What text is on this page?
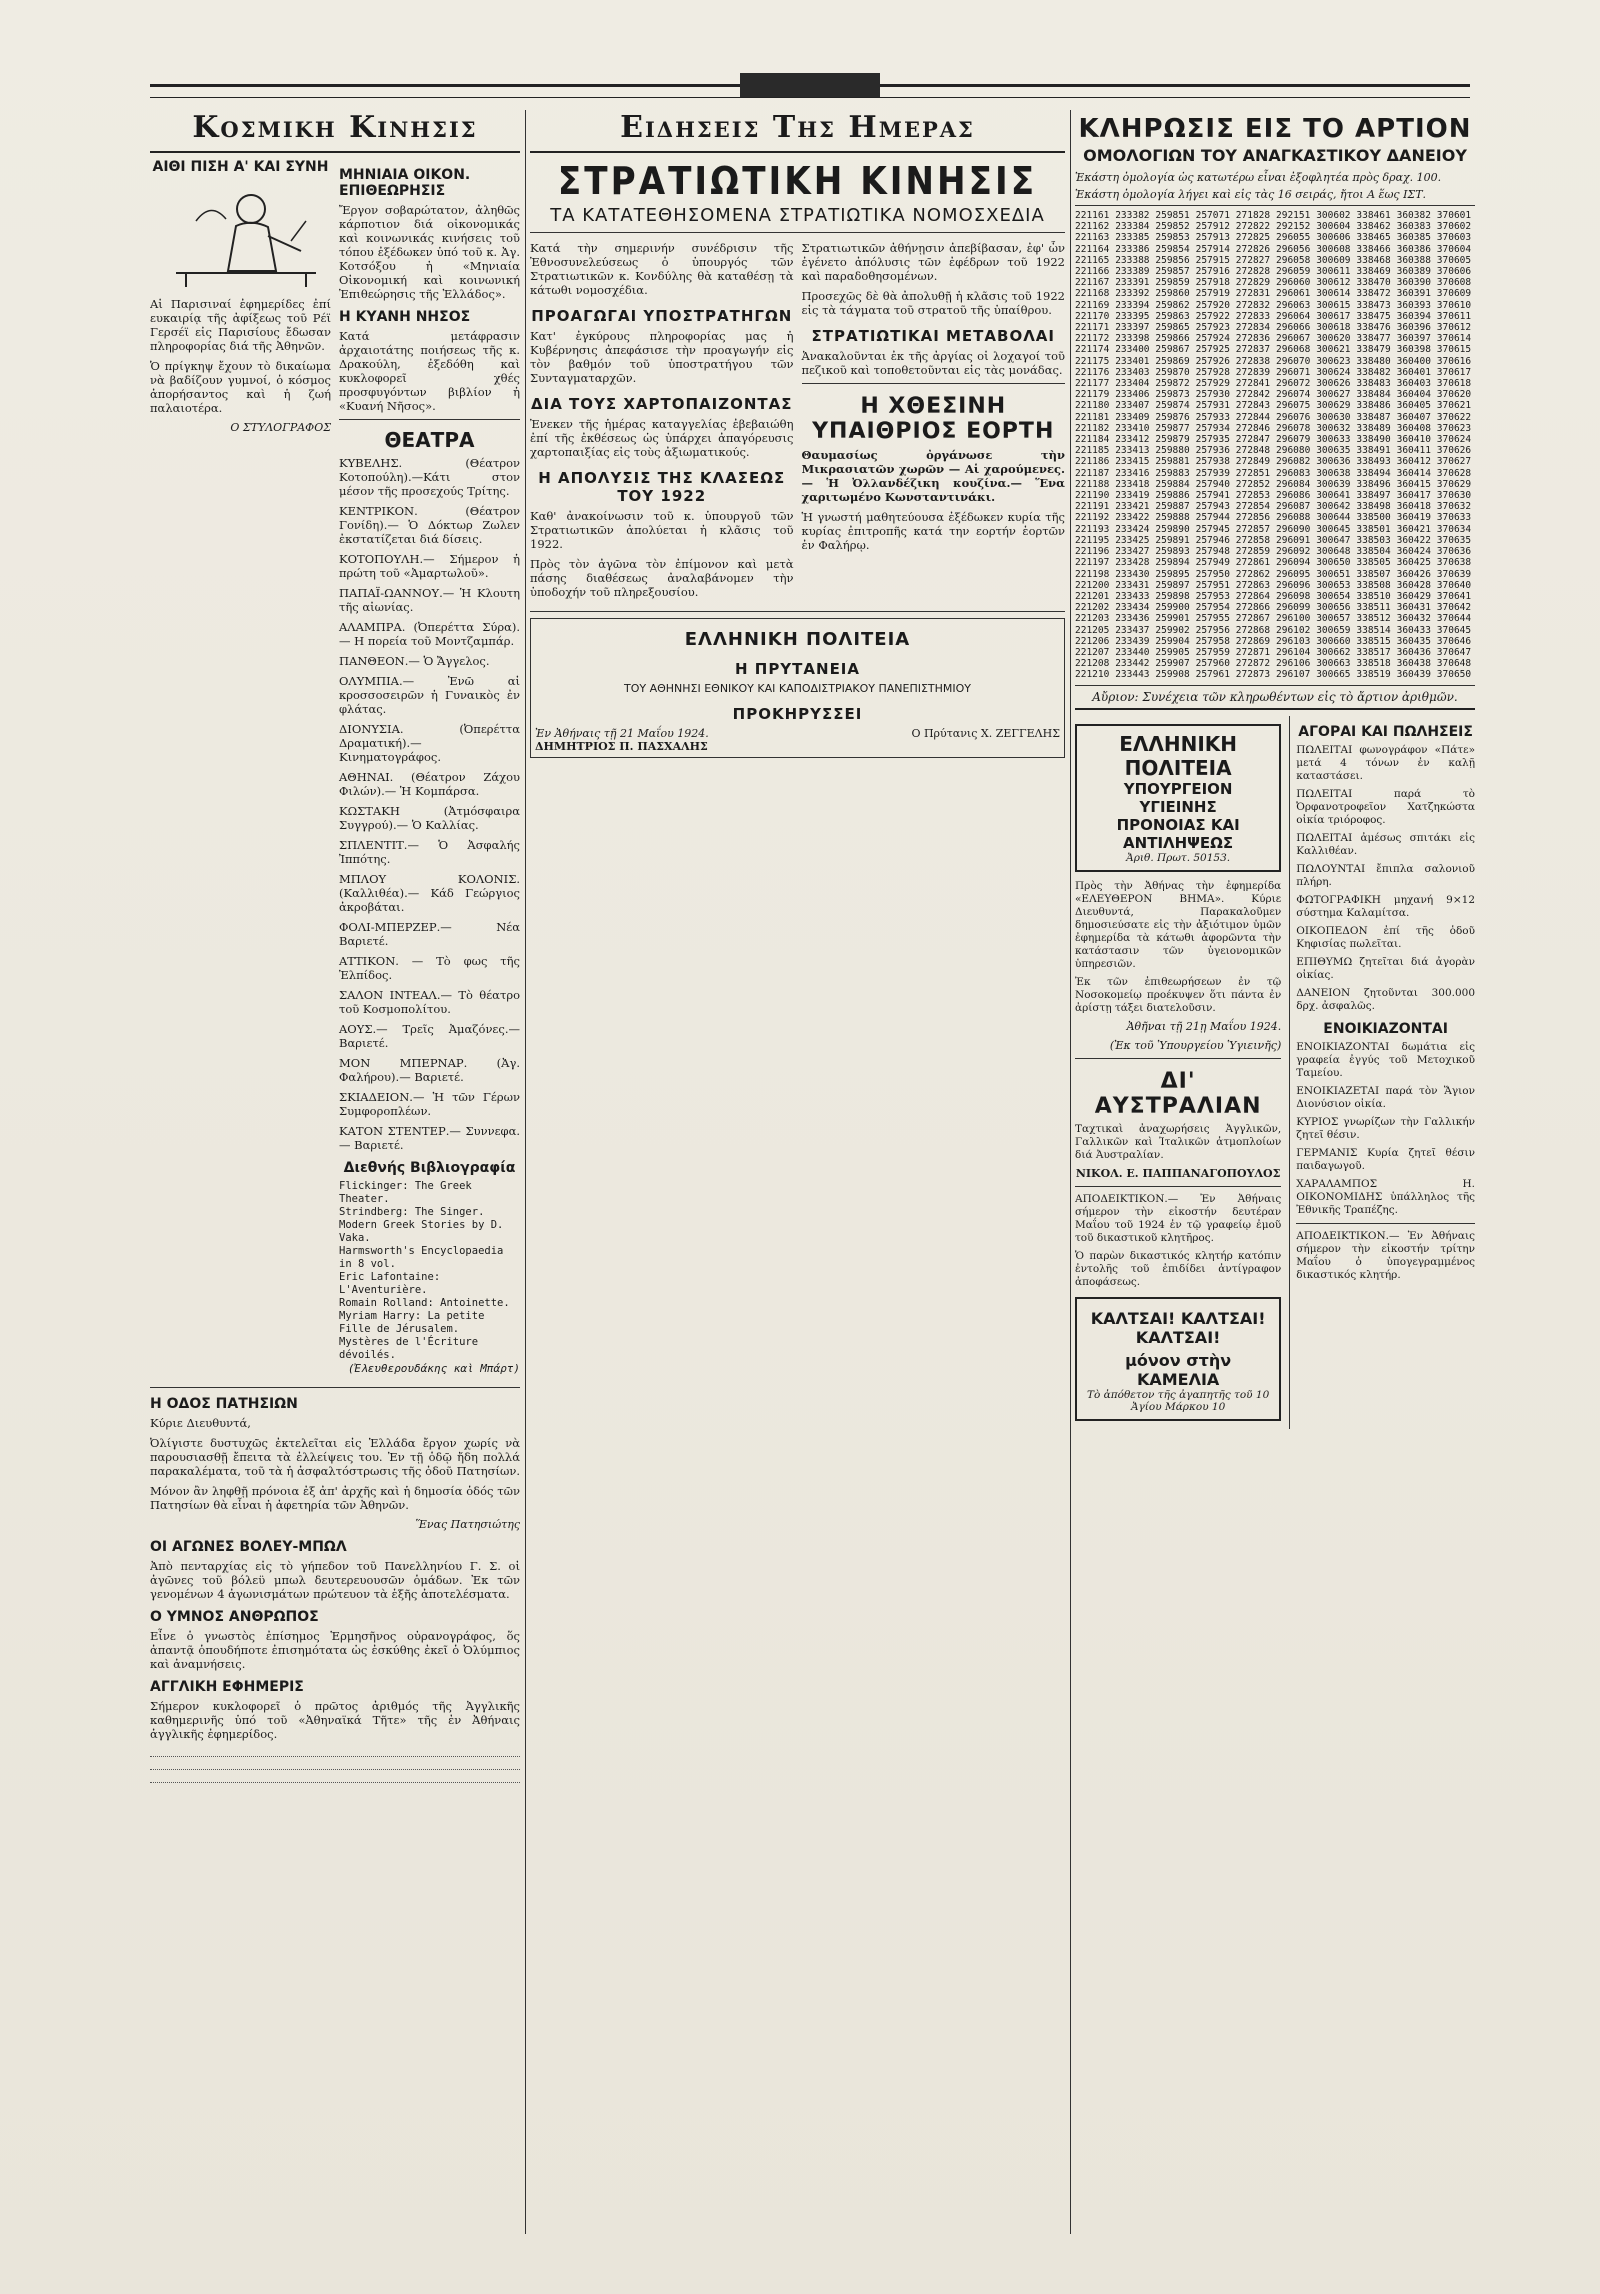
Κοσμικη Κινησις
ΑΙΘΙ ΠΙΣΗ Α' ΚΑΙ ΣΥΝΗ

Αἱ Παρισιναί ἐφημερίδες ἐπί ευκαιρίᾳ τῆς ἀφίξεως τοῦ Ρέϊ Γερσέϊ εἰς Παρισίους ἔδωσαν πληροφορίας διά τῆς Ἀθηνῶν.

Ὁ πρίγκηψ ἔχουν τὸ δικαίωμα νὰ βαδίζουν γυμνοί, ὁ κόσμος ἀπορήσαντος καὶ ἡ ζωή παλαιοτέρα.

Ο ΣΤΥΛΟΓΡΑΦΟΣ

ΜΗΝΙΑΙΑ ΟΙΚΟΝ. ΕΠΙΘΕΩΡΗΣΙΣ

Ἔργον σοβαρώτατον, ἀληθῶς κάρποτιον διά οἰκονομικάς καὶ κοινωνικάς κινήσεις τοῦ τόπου ἐξέδωκεν ὑπό τοῦ κ. Ἀγ. Κοτσόξου ἡ «Μηνιαία Οἰκονομική καὶ κοινωνική Ἐπιθεώρησις τῆς Ἑλλάδος».

Η ΚΥΑΝΗ ΝΗΣΟΣ

Κατά μετάφρασιν ἀρχαιοτάτης ποιήσεως τῆς κ. Δρακούλη, ἐξεδόθη καὶ κυκλοφορεῖ χθές προσφυγόντων βιβλίον ἡ «Κυανή Νῆσος».

ΘΕΑΤΡΑ

ΚΥΒΕΛΗΣ. (Θέατρον Κοτοπούλη).—Κάτι στον μέσον τῆς προσεχούς Τρίτης.

ΚΕΝΤΡΙΚΟΝ. (Θέατρον Γονίδη).— Ὁ Δόκτωρ Ζωλεν ἐκστατίζεται διά δίσεις.

ΚΟΤΟΠΟΥΛΗ.— Σήμερον ἡ πρώτη τοῦ «Ἀμαρτωλοῦ».

ΠΑΠΑΪ-ΩΑΝΝΟΥ.— Ἡ Κλουτη τῆς αἰωνίας.

ΑΛΑΜΠΡΑ. (Ὀπερέττα Σύρα).— Η πορεία τοῦ Μοντζαμπάρ.

ΠΑΝΘΕΟΝ.— Ὁ Ἄγγελος.

ΟΛΥΜΠΙΑ.— Ἐνῶ αἱ κροσσοσειρῶν ἡ Γυναικὸς ἐν φλάτας.

ΔΙΟΝΥΣΙΑ. (Ὀπερέττα Δραματική).— Κινηματογράφος.

ΑΘΗΝΑΙ. (Θέατρον Ζάχου Φιλών).— Ἡ Κομπάρσα.

ΚΩΣΤΑΚΗ (Ἀτμόσφαιρα Συγγρού).— Ὁ Καλλίας.

ΣΠΛΕΝΤΙΤ.— Ὁ Ἀσφαλής Ἰππότης.

ΜΠΛΟΥ ΚΟΛΟΝΙΣ. (Καλλιθέα).— Κάδ Γεώργιος ἀκροβάται.

ΦΟΛΙ-ΜΠΕΡΖΕΡ.— Νέα Βαριετέ.

ΑΤΤΙΚΟΝ. — Τὸ φως τῆς Ἐλπίδος.

ΣΑΛΟΝ ΙΝΤΕΑΛ.— Τὸ θέατρο τοῦ Κοσμοπολίτου.

ΑΟΥΣ.— Τρεῖς Ἀμαζόνες.—Βαριετέ.

ΜΟΝ ΜΠΕΡΝΑΡ. (Ἀγ. Φαλήρου).— Βαριετέ.

ΣΚΙΑΔΕΙΟΝ.— Ἡ τῶν Γέρων Συμφοροπλέων.

ΚΑΤΟΝ ΣΤΕΝΤΕΡ.— Συννεφα. — Βαριετέ.

Διεθνής Βιβλιογραφία
Flickinger: The Greek Theater.
Strindberg: The Singer.
Modern Greek Stories by D. Vaka.
Harmsworth's Encyclopaedia in 8 vol.
Eric Lafontaine: L'Aventurière.
Romain Rolland: Antoinette.
Myriam Harry: La petite Fille de Jérusalem.
Mystères de l'Écriture dévoilés.
(Ἐλευθερουδάκης καὶ Μπάρτ)
Η ΟΔΟΣ ΠΑΤΗΣΙΩΝ

Κύριε Διευθυντά,

Ὀλίγιστε δυστυχῶς ἐκτελεῖται εἰς Ἑλλάδα ἔργον χωρίς νὰ παρουσιασθῇ ἔπειτα τὰ ἐλλείψεις του. Ἐν τῇ ὁδῷ ἤδη πολλά παρακαλέματα, τοῦ τὰ ἡ ἀσφαλτόστρωσις τῆς ὁδοῦ Πατησίων.

Μόνον ἂν ληφθῇ πρόνοια ἐξ ἀπ' ἀρχῆς καὶ ἡ δημοσία ὁδός τῶν Πατησίων θὰ εἶναι ἡ ἀφετηρία τῶν Ἀθηνῶν.

Ἕνας Πατησιώτης

ΟΙ ΑΓΩΝΕΣ ΒΟΛΕΥ-ΜΠΩΛ

Ἀπὸ πενταρχίας εἰς τὸ γήπεδον τοῦ Πανελληνίου Γ. Σ. οἱ ἀγῶνες τοῦ βόλεϋ μπωλ δευτερευουσῶν ὁμάδων. Ἐκ τῶν γενομένων 4 ἀγωνισμάτων πρώτευον τὰ ἑξῆς ἀποτελέσματα.

Ο ΥΜΝΟΣ ΑΝΘΡΩΠΟΣ

Εἶνε ὁ γνωστὸς ἐπίσημος Ἑρμησῆνος οὐρανογράφος, ὅς ἀπαντᾷ ὁπουδήποτε ἐπισημότατα ὡς ἐσκύθης ἐκεῖ ὁ Ὀλύμπιος καὶ ἀναμνήσεις.

ΑΓΓΛΙΚΗ ΕΦΗΜΕΡΙΣ

Σήμερον κυκλοφορεῖ ὁ πρῶτος ἀριθμός τῆς Ἀγγλικῆς καθημερινῆς ὑπό τοῦ «Ἀθηναϊκά Τῆτε» τῆς ἐν Ἀθήναις ἀγγλικῆς ἐφημερίδος.

Ειδησεις Της Ημερας
ΣΤΡΑΤΙΩΤΙΚΗ ΚΙΝΗΣΙΣ
ΤΑ ΚΑΤΑΤΕΘΗΣΟΜΕΝΑ ΣΤΡΑΤΙΩΤΙΚΑ ΝΟΜΟΣΧΕΔΙΑ

Κατά τὴν σημερινήν συνέδρισιν τῆς Ἐθνοσυνελεύσεως ὁ ὑπουργός τῶν Στρατιωτικῶν κ. Κονδύλης θὰ καταθέσῃ τὰ κάτωθι νομοσχέδια.

ΠΡΟΑΓΩΓΑΙ ΥΠΟΣΤΡΑΤΗΓΩΝ

Κατ' ἐγκύρους πληροφορίας μας ἡ Κυβέρνησις ἀπεφάσισε τὴν προαγωγήν εἰς τὸν βαθμόν τοῦ ὑποστρατήγου τῶν Συνταγματαρχῶν.

ΔΙΑ ΤΟΥΣ ΧΑΡΤΟΠΑΙΖΟΝΤΑΣ

Ἐνεκεν τῆς ἡμέρας καταγγελίας ἐβεβαιώθη ἐπί τῆς ἐκθέσεως ὡς ὑπάρχει ἀπαγόρευσις χαρτοπαιξίας εἰς τοὺς ἀξιωματικούς.

Η ΑΠΟΛΥΣΙΣ ΤΗΣ ΚΛΑΣΕΩΣ ΤΟΥ 1922

Καθ' ἀνακοίνωσιν τοῦ κ. ὑπουργοῦ τῶν Στρατιωτικῶν ἀπολύεται ἡ κλᾶσις τοῦ 1922.

Πρὸς τὸν ἀγῶνα τὸν ἐπίμονον καὶ μετὰ πάσης διαθέσεως ἀναλαβάνομεν τὴν ὑποδοχήν τοῦ πληρεξουσίου.

Στρατιωτικῶν ἀθήνῃσιν ἀπεβίβασαν, ἐφ' ὧν ἐγένετο ἀπόλυσις τῶν ἐφέδρων τοῦ 1922 καὶ παραδοθησομένων.

Προσεχῶς δὲ θὰ ἀπολυθῇ ἡ κλᾶσις τοῦ 1922 εἰς τὰ τάγματα τοῦ στρατοῦ τῆς ὑπαίθρου.

ΣΤΡΑΤΙΩΤΙΚΑΙ ΜΕΤΑΒΟΛΑΙ

Ἀνακαλοῦνται ἐκ τῆς ἀργίας οἱ λοχαγοί τοῦ πεζικοῦ καὶ τοποθετοῦνται εἰς τὰς μονάδας.

Η ΧΘΕΣΙΝΗ ΥΠΑΙΘΡΙΟΣ ΕΟΡΤΗ

Θαυμασίως ὀργάνωσε τὴν Μικρασιατῶν χωρῶν — Αἱ χαρούμενες.— Ἡ Ὀλλανδέζικη κουζίνα.— Ἕνα χαριτωμένο Κωνσταντινάκι.

Ἡ γνωστή μαθητεύουσα ἐξέδωκεν κυρία τῆς κυρίας ἐπιτροπῆς κατά την εορτήν ἑορτῶν ἐν Φαλήρῳ.

ΕΛΛΗΝΙΚΗ ΠΟΛΙΤΕΙΑ
Η ΠΡΥΤΑΝΕΙΑ
ΤΟΥ ΑΘΗΝΗΣΙ ΕΘΝΙΚΟΥ ΚΑΙ ΚΑΠΟΔΙΣΤΡΙΑΚΟΥ ΠΑΝΕΠΙΣΤΗΜΙΟΥ
ΠΡΟΚΗΡΥΣΣΕΙ
Ἐν Ἀθήναις τῇ 21 Μαΐου 1924.
ΔΗΜΗΤΡΙΟΣ Π. ΠΑΣΧΑΛΗΣ
Ο Πρύτανις Χ. ΖΕΓΓΕΛΗΣ
ΚΛΗΡΩΣΙΣ ΕΙΣ ΤΟ ΑΡΤΙΟΝ
ΟΜΟΛΟΓΙΩΝ ΤΟΥ ΑΝΑΓΚΑΣΤΙΚΟΥ ΔΑΝΕΙΟΥ

Ἑκάστη ὁμολογία ὡς κατωτέρω εἶναι ἐξοφλητέα πρὸς δραχ. 100.

Ἑκάστη ὁμολογία λήγει καὶ εἰς τὰς 16 σειράς, ἤτοι Α ἕως ΙΣΤ.

221161 233382 259851 257071 271828 292151 300602 338461 360382 370601
221162 233384 259852 257912 272822 292152 300604 338462 360383 370602
221163 233385 259853 257913 272825 296055 300606 338465 360385 370603
221164 233386 259854 257914 272826 296056 300608 338466 360386 370604
221165 233388 259856 257915 272827 296058 300609 338468 360388 370605
221166 233389 259857 257916 272828 296059 300611 338469 360389 370606
221167 233391 259859 257918 272829 296060 300612 338470 360390 370608
221168 233392 259860 257919 272831 296061 300614 338472 360391 370609
221169 233394 259862 257920 272832 296063 300615 338473 360393 370610
221170 233395 259863 257922 272833 296064 300617 338475 360394 370611
221171 233397 259865 257923 272834 296066 300618 338476 360396 370612
221172 233398 259866 257924 272836 296067 300620 338477 360397 370614
221174 233400 259867 257925 272837 296068 300621 338479 360398 370615
221175 233401 259869 257926 272838 296070 300623 338480 360400 370616
221176 233403 259870 257928 272839 296071 300624 338482 360401 370617
221177 233404 259872 257929 272841 296072 300626 338483 360403 370618
221179 233406 259873 257930 272842 296074 300627 338484 360404 370620
221180 233407 259874 257931 272843 296075 300629 338486 360405 370621
221181 233409 259876 257933 272844 296076 300630 338487 360407 370622
221182 233410 259877 257934 272846 296078 300632 338489 360408 370623
221184 233412 259879 257935 272847 296079 300633 338490 360410 370624
221185 233413 259880 257936 272848 296080 300635 338491 360411 370626
221186 233415 259881 257938 272849 296082 300636 338493 360412 370627
221187 233416 259883 257939 272851 296083 300638 338494 360414 370628
221188 233418 259884 257940 272852 296084 300639 338496 360415 370629
221190 233419 259886 257941 272853 296086 300641 338497 360417 370630
221191 233421 259887 257943 272854 296087 300642 338498 360418 370632
221192 233422 259888 257944 272856 296088 300644 338500 360419 370633
221193 233424 259890 257945 272857 296090 300645 338501 360421 370634
221195 233425 259891 257946 272858 296091 300647 338503 360422 370635
221196 233427 259893 257948 272859 296092 300648 338504 360424 370636
221197 233428 259894 257949 272861 296094 300650 338505 360425 370638
221198 233430 259895 257950 272862 296095 300651 338507 360426 370639
221200 233431 259897 257951 272863 296096 300653 338508 360428 370640
221201 233433 259898 257953 272864 296098 300654 338510 360429 370641
221202 233434 259900 257954 272866 296099 300656 338511 360431 370642
221203 233436 259901 257955 272867 296100 300657 338512 360432 370644
221205 233437 259902 257956 272868 296102 300659 338514 360433 370645
221206 233439 259904 257958 272869 296103 300660 338515 360435 370646
221207 233440 259905 257959 272871 296104 300662 338517 360436 370647
221208 233442 259907 257960 272872 296106 300663 338518 360438 370648
221210 233443 259908 257961 272873 296107 300665 338519 360439 370650
Αὔριον: Συνέχεια τῶν κληρωθέντων εἰς τὸ ἄρτιον ἀριθμῶν.
ΕΛΛΗΝΙΚΗ ΠΟΛΙΤΕΙΑ
ΥΠΟΥΡΓΕΙΟΝ ΥΓΙΕΙΝΗΣ
ΠΡΟΝΟΙΑΣ ΚΑΙ ΑΝΤΙΛΗΨΕΩΣ
Ἀριθ. Πρωτ. 50153.

Πρὸς τὴν Ἀθήνας τὴν ἐφημερίδα «ΕΛΕΥΘΕΡΟΝ ΒΗΜΑ». Κύριε Διευθυντά, Παρακαλοῦμεν δημοσιεύσατε εἰς τὴν ἀξιότιμον ὑμῶν ἐφημερίδα τὰ κάτωθι ἀφορῶντα τὴν κατάστασιν τῶν ὑγειονομικῶν ὑπηρεσιῶν.

Ἐκ τῶν ἐπιθεωρήσεων ἐν τῷ Νοσοκομείῳ προέκυψεν ὅτι πάντα ἐν ἀρίστῃ τάξει διατελοῦσιν.

Ἀθῆναι τῇ 21ῃ Μαΐου 1924.

(Ἐκ τοῦ Ὑπουργείου Ὑγιεινῆς)

ΔΙ' ΑΥΣΤΡΑΛΙΑΝ

Ταχτικαὶ ἀναχωρήσεις Ἀγγλικῶν, Γαλλικῶν καὶ Ἰταλικῶν ἀτμοπλοίων διά Ἀυστραλίαν.

ΝΙΚΟΛ. Ε. ΠΑΠΠΑΝΑΓΟΠΟΥΛΟΣ

ΑΠΟΔΕΙΚΤΙΚΟΝ.— Ἐν Ἀθήναις σήμερον τὴν εἰκοστήν δευτέραν Μαΐου τοῦ 1924 ἐν τῷ γραφείῳ ἐμοῦ τοῦ δικαστικοῦ κλητῆρος.

Ὁ παρὼν δικαστικός κλητήρ κατόπιν ἐντολῆς τοῦ ἐπιδίδει ἀντίγραφον ἀποφάσεως.

ΚΑΛΤΣΑΙ! ΚΑΛΤΣΑΙ! ΚΑΛΤΣΑΙ!
μόνον στὴν ΚΑΜΕΛΙΑ
Τὸ ἀπόθετον τῆς ἀγαπητῆς τοῦ 10 Ἀγίου Μάρκου 10
ΑΓΟΡΑΙ ΚΑΙ ΠΩΛΗΣΕΙΣ

ΠΩΛΕΙΤΑΙ φωνογράφον «Πάτε» μετά 4 τόνων ἐν καλῇ καταστάσει.

ΠΩΛΕΙΤΑΙ παρά τὸ Ὀρφανοτροφεῖον Χατζηκώστα οἰκία τριόροφος.

ΠΩΛΕΙΤΑΙ ἀμέσως σπιτάκι εἰς Καλλιθέαν.

ΠΩΛΟΥΝΤΑΙ ἔπιπλα σαλονιοῦ πλήρη.

ΦΩΤΟΓΡΑΦΙΚΗ μηχανή 9×12 σύστημα Καλαμίτσα.

ΟΙΚΟΠΕΔΟΝ ἐπί τῆς ὁδοῦ Κηφισίας πωλεῖται.

ΕΠΙΘΥΜΩ ζητεῖται διά ἀγορὰν οἰκίας.

ΔΑΝΕΙΟΝ ζητοῦνται 300.000 δρχ. ἀσφαλῶς.

ΕΝΟΙΚΙΑΖΟΝΤΑΙ

ΕΝΟΙΚΙΑΖΟΝΤΑΙ δωμάτια εἰς γραφεία ἐγγύς τοῦ Μετοχικοῦ Ταμείου.

ΕΝΟΙΚΙΑΖΕΤΑΙ παρά τὸν Ἅγιον Διονύσιον οἰκία.

ΚΥΡΙΟΣ γνωρίζων τὴν Γαλλικήν ζητεῖ θέσιν.

ΓΕΡΜΑΝΙΣ Κυρία ζητεῖ θέσιν παιδαγωγοῦ.

ΧΑΡΑΛΑΜΠΟΣ Η. ΟΙΚΟΝΟΜΙΔΗΣ ὑπάλληλος τῆς Ἐθνικῆς Τραπέζης.

ΑΠΟΔΕΙΚΤΙΚΟΝ.— Ἐν Ἀθήναις σήμερον τὴν εἰκοστήν τρίτην Μαΐου ὁ ὑπογεγραμμένος δικαστικός κλητήρ.
